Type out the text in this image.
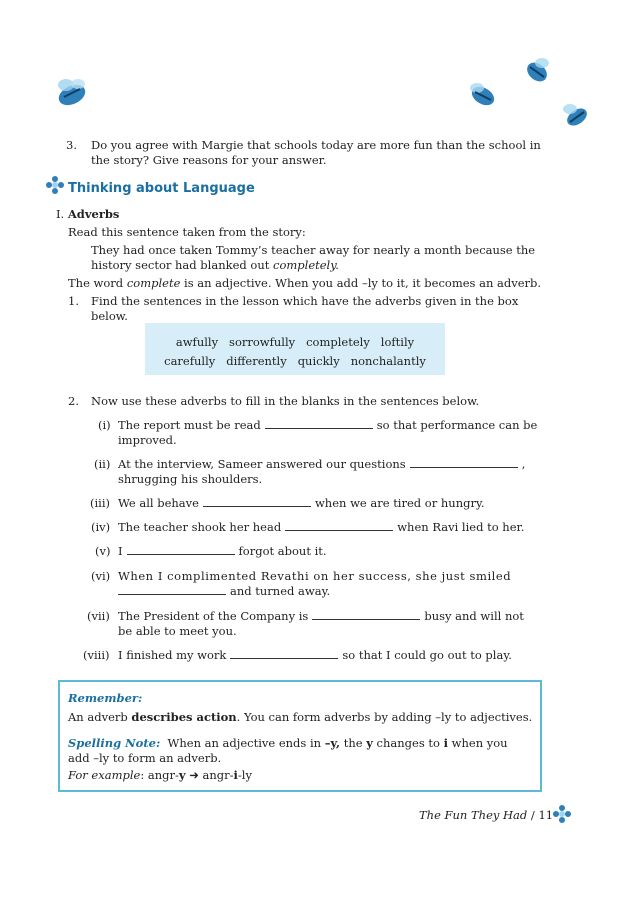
3. Do you agree with Margie that schools today are more fun than the school in
the story? Give reasons for your answer.
Thinking about Language
I. Adverbs
Read this sentence taken from the story:
They had once taken Tommy’s teacher away for nearly a month because the
history sector had blanked out completely.
The word complete is an adjective. When you add –ly to it, it becomes an adverb.
1. Find the sentences in the lesson which have the adverbs given in the box
below.
awfully   sorrowfully   completely   loftily
carefully   differently   quickly   nonchalantly
2. Now use these adverbs to fill in the blanks in the sentences below.
(i) The report must be read	so that performance can be
improved.
(ii) At the interview, Sameer answered our questions	,
shrugging his shoulders.
(iii) We all behave	when we are tired or hungry.
(iv) The teacher shook her head	when Ravi lied to her.
(v) I	forgot about it.
(vi) When I complimented Revathi on her success, she just smiled
and turned away.
(vii) The President of the Company is	busy and will not
be able to meet you.
(viii) I finished my work	so that I could go out to play.
Remember:
An adverb describes action. You can form adverbs by adding –ly to adjectives.
Spelling Note: When an adjective ends in –y, the y changes to i when you
add –ly to form an adverb.
For example: angr-y ➜ angr-i-ly
The Fun They Had / 11
